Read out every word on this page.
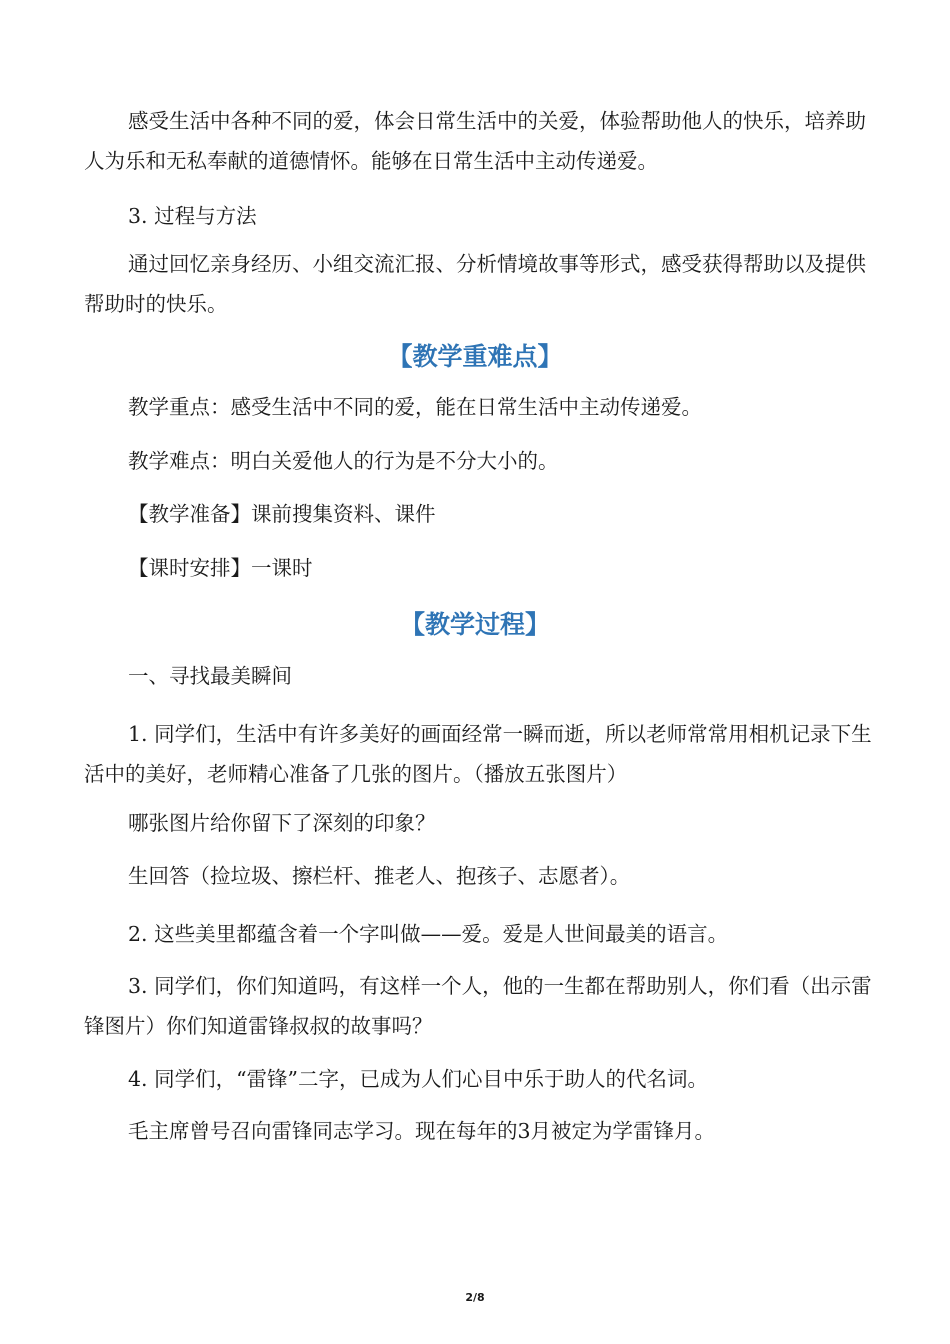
感受生活中各种不同的爱，体会日常生活中的关爱，体验帮助他人的快乐，培养助人为乐和无私奉献的道德情怀。能够在日常生活中主动传递爱。

3. 过程与方法

通过回忆亲身经历、小组交流汇报、分析情境故事等形式，感受获得帮助以及提供帮助时的快乐。

【教学重难点】

教学重点：感受生活中不同的爱，能在日常生活中主动传递爱。

教学难点：明白关爱他人的行为是不分大小的。

【教学准备】课前搜集资料、课件

【课时安排】一课时

【教学过程】

一、寻找最美瞬间

1. 同学们，生活中有许多美好的画面经常一瞬而逝，所以老师常常用相机记录下生活中的美好，老师精心准备了几张的图片。（播放五张图片）

哪张图片给你留下了深刻的印象？

生回答（捡垃圾、擦栏杆、推老人、抱孩子、志愿者）。

2. 这些美里都蕴含着一个字叫做——爱。爱是人世间最美的语言。

3. 同学们，你们知道吗，有这样一个人，他的一生都在帮助别人，你们看（出示雷锋图片）你们知道雷锋叔叔的故事吗？

4. 同学们，“雷锋”二字，已成为人们心目中乐于助人的代名词。

毛主席曾号召向雷锋同志学习。现在每年的3月被定为学雷锋月。

2/8
